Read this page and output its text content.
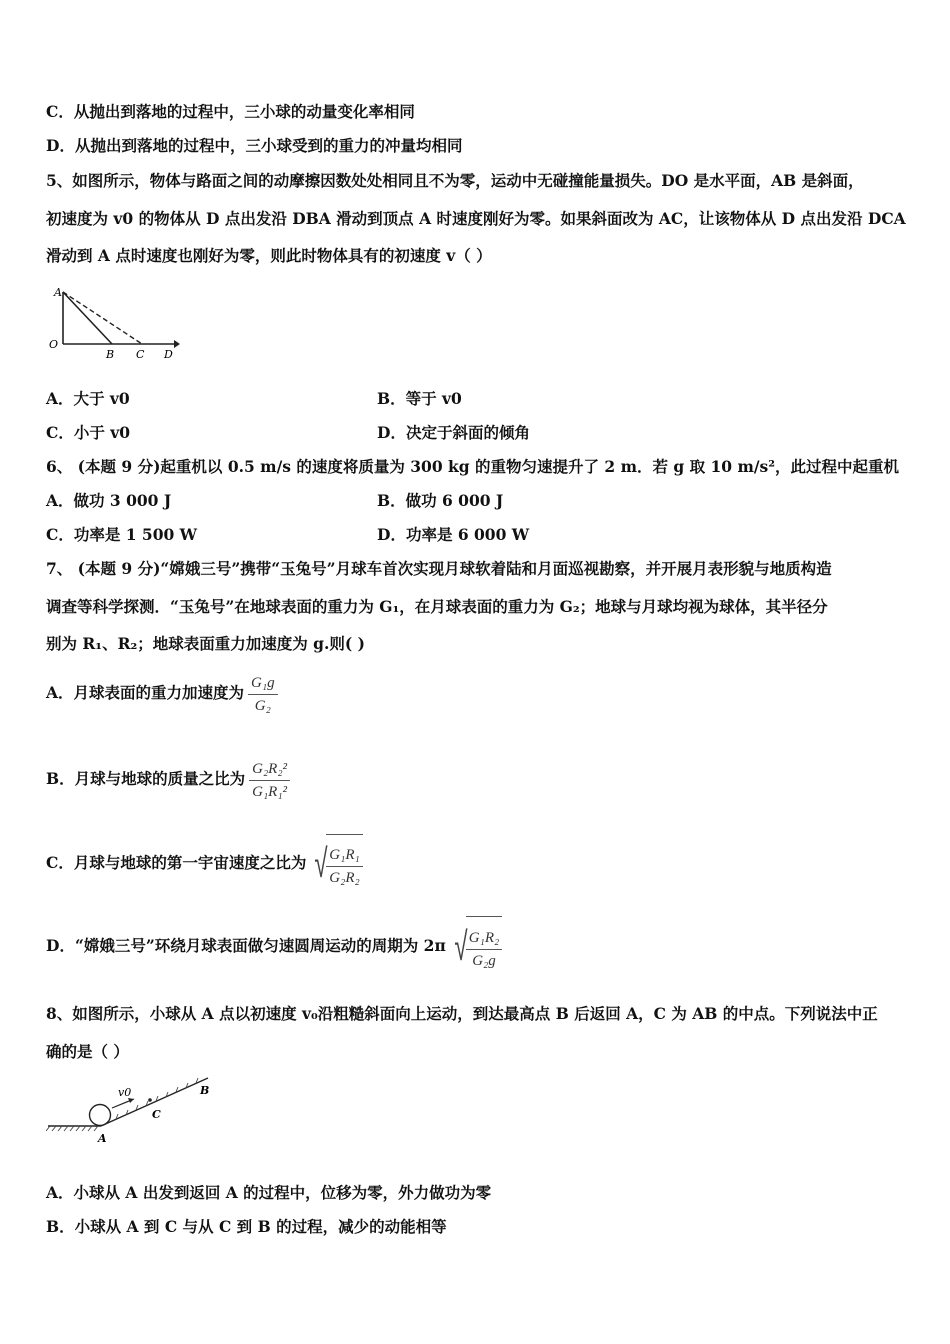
C．从抛出到落地的过程中，三小球的动量变化率相同
D．从抛出到落地的过程中，三小球受到的重力的冲量均相同
5、如图所示，物体与路面之间的动摩擦因数处处相同且不为零，运动中无碰撞能量损失。DO 是水平面，AB 是斜面，
初速度为 v0 的物体从 D 点出发沿 DBA 滑动到顶点 A 时速度刚好为零。如果斜面改为 AC，让该物体从 D 点出发沿 DCA
滑动到 A 点时速度也刚好为零，则此时物体具有的初速度 v（ ）
A
O
B C D
A．大于 v0	B．等于 v0
C．小于 v0	D．决定于斜面的倾角
6、 (本题 9 分)起重机以 0.5 m/s 的速度将质量为 300 kg 的重物匀速提升了 2 m．若 g 取 10 m/s²，此过程中起重机
A．做功 3 000 J	B．做功 6 000 J
C．功率是 1 500 W	D．功率是 6 000 W
7、 (本题 9 分)“嫦娥三号”携带“玉兔号”月球车首次实现月球软着陆和月面巡视勘察，并开展月表形貌与地质构造
调查等科学探测．“玉兔号”在地球表面的重力为 G₁，在月球表面的重力为 G₂；地球与月球均视为球体，其半径分
别为 R₁、R₂；地球表面重力加速度为 g.则( )
A．月球表面的重力加速度为 $\frac{\text{G₁g}}{\text{G₂}}$
B．月球与地球的质量之比为 $\frac{\text{G₂R₂²}}{\text{G₁R₁²}}$
C．月球与地球的第一宇宙速度之比为 √
$\frac{\text{G₁R₁}}{\text{G₂R₂}}$
D．“嫦娥三号”环绕月球表面做匀速圆周运动的周期为 2π √
$\frac{\text{G₁R₂}}{\text{G₂g}}$
8、如图所示，小球从 A 点以初速度 v₀沿粗糙斜面向上运动，到达最高点 B 后返回 A，C 为 AB 的中点。下列说法中正
确的是（ ）
v0	B
C
A
A．小球从 A 出发到返回 A 的过程中，位移为零，外力做功为零
B．小球从 A 到 C 与从 C 到 B 的过程，减少的动能相等
